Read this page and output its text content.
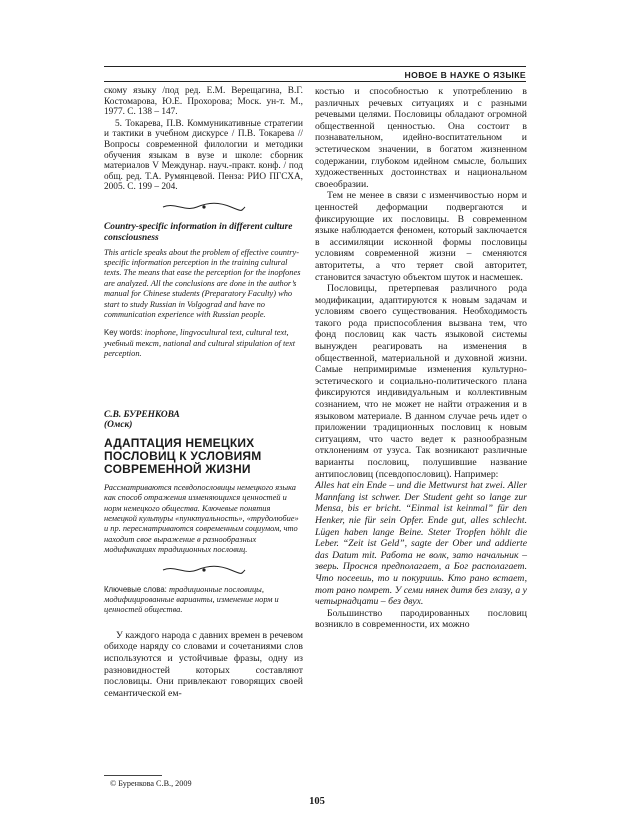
НОВОЕ В НАУКЕ О ЯЗЫКЕ

скому языку /под ред. Е.М. Верещагина, В.Г. Костомарова, Ю.Е. Прохорова; Моск. ун-т. М., 1977. С. 138 – 147.

5. Токарева, П.В. Коммуникативные стратегии и тактики в учебном дискурсе / П.В. Токарева // Вопросы современной филологии и методики обучения языкам в вузе и школе: сборник материалов V Междунар. науч.-практ. конф. / под общ. ред. Т.А. Румянцевой. Пенза: РИО ПГСХА, 2005. С. 199 – 204.

Country-specific information in different culture consciousness

This article speaks about the problem of effective country-specific information perception in the training cultural texts. The means that ease the perception for the inopfones are analyzed. All the conclusions are done in the author’s manual for Chinese students (Preparatory Faculty) who start to study Russian in Volgograd and have no communication experience with Russian people.

Key words: inophone, lingvocultural text, cultural text, учебный текст, national and cultural stipulation of text perception.

С.В. БУРЕНКОВА

(Омск)

АДАПТАЦИЯ НЕМЕЦКИХ ПОСЛОВИЦ К УСЛОВИЯМ СОВРЕМЕННОЙ ЖИЗНИ

Рассматриваются псевдопословицы немецкого языка как способ отражения изменяющихся ценностей и норм немецкого общества. Ключевые понятия немецкой культуры «пунктуальность», «трудолюбие» и пр. пересматриваются современным социумом, что находит свое выражение в разнообразных модификациях традиционных пословиц.

Ключевые слова: традиционные пословицы, модифицированные варианты, изменение норм и ценностей общества.

У каждого народа с давних времен в речевом обиходе наряду со словами и сочетаниями слов используются и устойчивые фразы, одну из разновидностей которых составляют пословицы. Они привлекают говорящих своей семантической ем-

костью и способностью к употреблению в различных речевых ситуациях и с разными речевыми целями. Пословицы обладают огромной общественной ценностью. Она состоит в познавательном, идейно-воспитательном и эстетическом значении, в богатом жизненном содержании, глубоком идейном смысле, больших художественных достоинствах и национальном своеобразии.

Тем не менее в связи с изменчивостью норм и ценностей деформации подвергаются и фиксирующие их пословицы. В современном языке наблюдается феномен, который заключается в ассимиляции исконной формы пословицы условиям современной жизни – сменяются авторитеты, а что теряет свой авторитет, становится зачастую объектом шуток и насмешек.

Пословицы, претерпевая различного рода модификации, адаптируются к новым задачам и условиям своего существования. Необходимость такого рода приспособления вызвана тем, что фонд пословиц как часть языковой системы вынужден реагировать на изменения в общественной, материальной и духовной жизни. Самые непримиримые изменения культурно-эстетического и социально-политического плана фиксируются индивидуальным и коллективным сознанием, что не может не найти отражения и в языковом материале. В данном случае речь идет о приложении традиционных пословиц к новым ситуациям, что часто ведет к разнообразным отклонениям от узуса. Так возникают различные варианты пословиц, полушившие название антипословиц (псевдопословиц). Например:

Alles hat ein Ende – und die Mettwurst hat zwei. Aller Mannfang ist schwer. Der Student geht so lange zur Mensa, bis er bricht. “Einmal ist keinmal” für den Henker, nie für sein Opfer. Ende gut, alles schlecht. Lügen haben lange Beine. Steter Tropfen höhlt die Leber. “Zeit ist Geld”, sagte der Ober und addierte das Datum mit. Работа не волк, зато начальник – зверь. Проснся предполагает, а Бог располагает. Что посеешь, то и покуришь. Кто рано встает, тот рано помрет. У семи нянек дитя без глазу, а у четырнадцати – без двух.

Большинство пародированных пословиц возникло в современности, их можно

© Буренкова С.В., 2009
105
